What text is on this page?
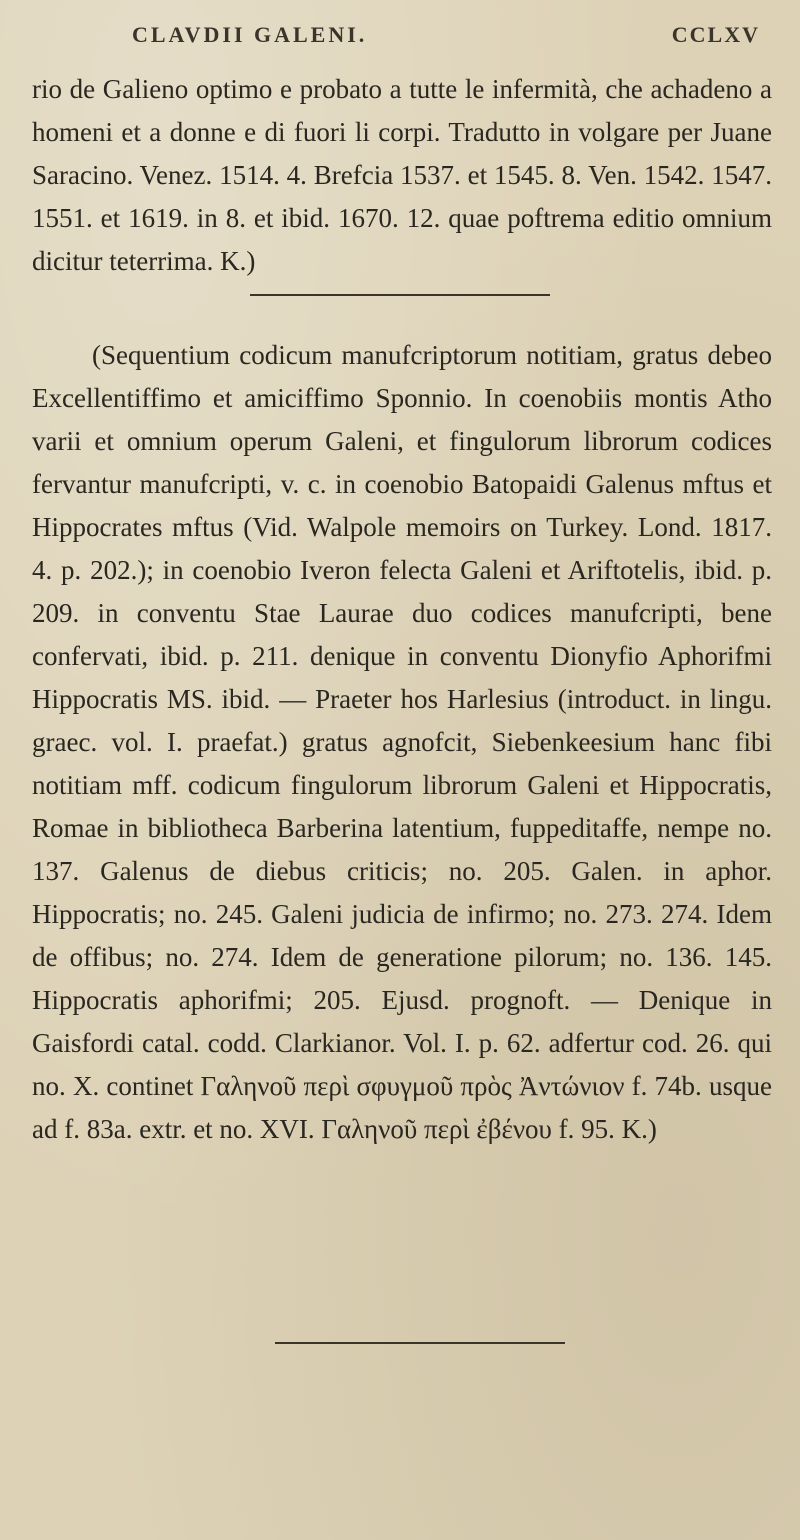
CLAVDII GALENI.	CCLXV

rio de Galieno optimo e probato a tutte le infermità, che achadeno a homeni et a donne e di fuori li corpi. Tradutto in volgare per Juane Saracino. Venez. 1514. 4. Brefcia 1537. et 1545. 8. Ven. 1542. 1547. 1551. et 1619. in 8. et ibid. 1670. 12. quae poftrema editio omnium dicitur teterrima. K.)

(Sequentium codicum manufcriptorum notitiam, gratus debeo Excellentiffimo et amiciffimo Sponnio. In coenobiis montis Atho varii et omnium operum Galeni, et fingulorum librorum codices fervantur manufcripti, v. c. in coenobio Batopaidi Galenus mftus et Hippocrates mftus (Vid. Walpole memoirs on Turkey. Lond. 1817. 4. p. 202.); in coenobio Iveron felecta Galeni et Ariftotelis, ibid. p. 209. in conventu Stae Laurae duo codices manufcripti, bene confervati, ibid. p. 211. denique in conventu Dionyfio Aphorifmi Hippocratis MS. ibid. — Praeter hos Harlesius (introduct. in lingu. graec. vol. I. praefat.) gratus agnofcit, Siebenkeesium hanc fibi notitiam mff. codicum fingulorum librorum Galeni et Hippocratis, Romae in bibliotheca Barberina latentium, fuppeditaffe, nempe no. 137. Galenus de diebus criticis; no. 205. Galen. in aphor. Hippocratis; no. 245. Galeni judicia de infirmo; no. 273. 274. Idem de offibus; no. 274. Idem de generatione pilorum; no. 136. 145. Hippocratis aphorifmi; 205. Ejusd. prognoft. — Denique in Gaisfordi catal. codd. Clarkianor. Vol. I. p. 62. adfertur cod. 26. qui no. X. continet Γαληνοῦ περὶ σφυγμοῦ πρὸς Ἀντώνιον f. 74b. usque ad f. 83a. extr. et no. XVI. Γαληνοῦ περὶ ἐβένου f. 95. K.)
